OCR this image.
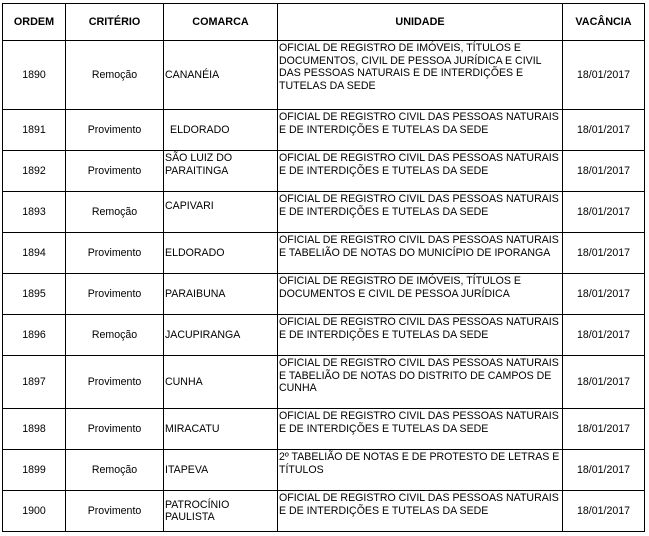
ORDEM	CRITÉRIO	COMARCA	UNIDADE	VACÂNCIA
1890	Remoção	CANANÉIA	OFICIAL DE REGISTRO DE IMÓVEIS, TÍTULOS E DOCUMENTOS, CIVIL DE PESSOA JURÍDICA E CIVIL DAS PESSOAS NATURAIS E DE INTERDIÇÕES E TUTELAS DA SEDE	18/01/2017
1891	Provimento	ELDORADO	OFICIAL DE REGISTRO CIVIL DAS PESSOAS NATURAIS E DE INTERDIÇÕES E TUTELAS DA SEDE	18/01/2017
1892	Provimento	SÃO LUIZ DO PARAITINGA	OFICIAL DE REGISTRO CIVIL DAS PESSOAS NATURAIS E DE INTERDIÇÕES E TUTELAS DA SEDE	18/01/2017
1893	Remoção	CAPIVARI	OFICIAL DE REGISTRO CIVIL DAS PESSOAS NATURAIS E DE INTERDIÇÕES E TUTELAS DA SEDE	18/01/2017
1894	Provimento	ELDORADO	OFICIAL DE REGISTRO CIVIL DAS PESSOAS NATURAIS E TABELIÃO DE NOTAS DO MUNICÍPIO DE IPORANGA	18/01/2017
1895	Provimento	PARAIBUNA	OFICIAL DE REGISTRO DE IMÓVEIS, TÍTULOS E DOCUMENTOS E CIVIL DE PESSOA JURÍDICA	18/01/2017
1896	Remoção	JACUPIRANGA	OFICIAL DE REGISTRO CIVIL DAS PESSOAS NATURAIS E DE INTERDIÇÕES E TUTELAS DA SEDE	18/01/2017
1897	Provimento	CUNHA	OFICIAL DE REGISTRO CIVIL DAS PESSOAS NATURAIS E TABELIÃO DE NOTAS DO DISTRITO DE CAMPOS DE CUNHA	18/01/2017
1898	Provimento	MIRACATU	OFICIAL DE REGISTRO CIVIL DAS PESSOAS NATURAIS E DE INTERDIÇÕES E TUTELAS DA SEDE	18/01/2017
1899	Remoção	ITAPEVA	2º TABELIÃO DE NOTAS E DE PROTESTO DE LETRAS E TÍTULOS	18/01/2017
1900	Provimento	PATROCÍNIO PAULISTA	OFICIAL DE REGISTRO CIVIL DAS PESSOAS NATURAIS E DE INTERDIÇÕES E TUTELAS DA SEDE	18/01/2017
